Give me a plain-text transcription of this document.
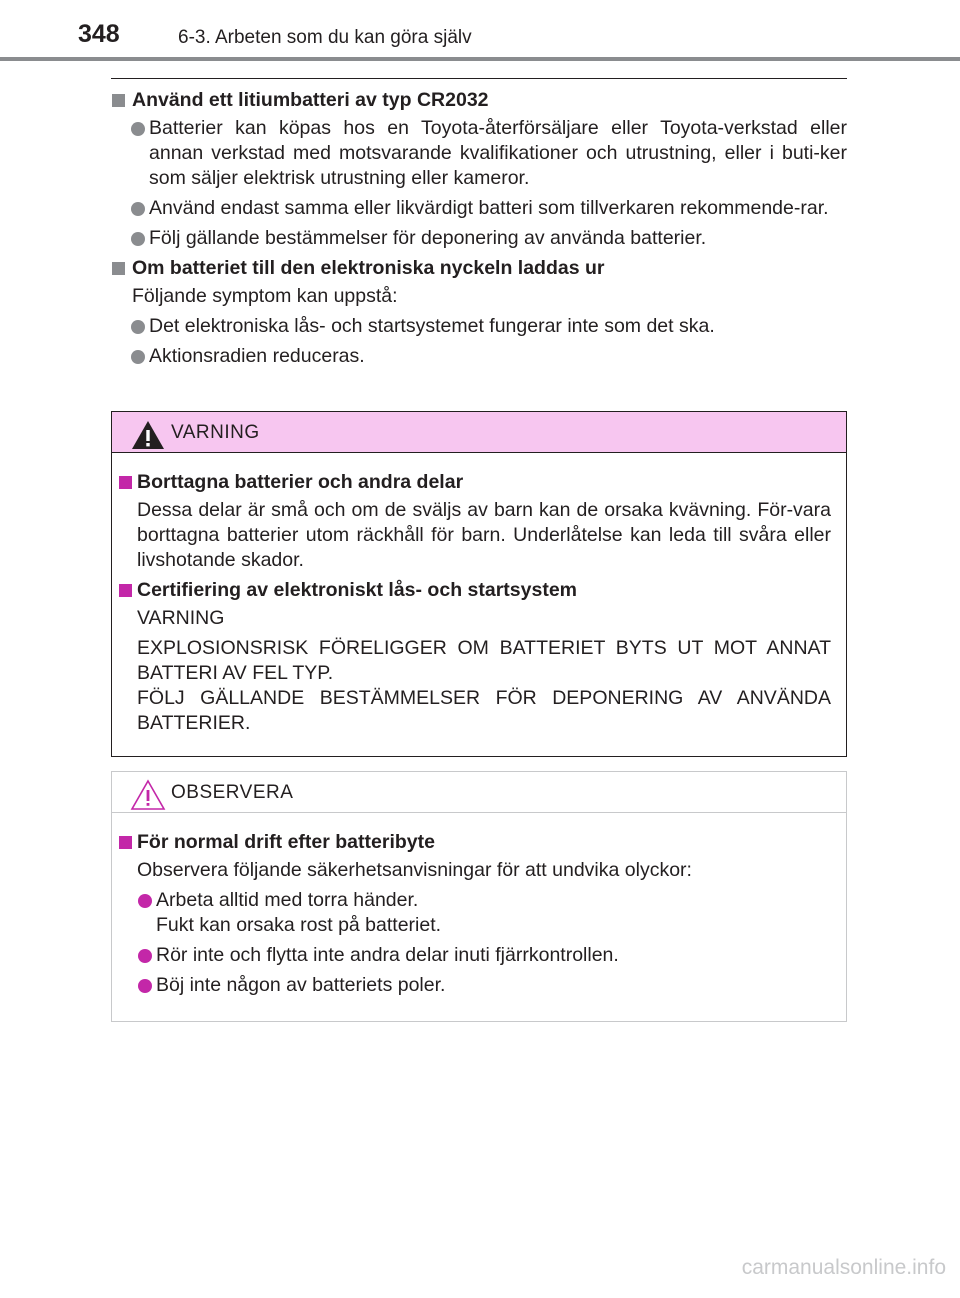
348	6-3. Arbeten som du kan göra själv
Använd ett litiumbatteri av typ CR2032
Batterier kan köpas hos en Toyota-återförsäljare eller Toyota-verkstad eller annan verkstad med motsvarande kvalifikationer och utrustning, eller i buti-ker som säljer elektrisk utrustning eller kameror.
Använd endast samma eller likvärdigt batteri som tillverkaren rekommende-rar.
Följ gällande bestämmelser för deponering av använda batterier.
Om batteriet till den elektroniska nyckeln laddas ur
Följande symptom kan uppstå:
Det elektroniska lås- och startsystemet fungerar inte som det ska.
Aktionsradien reduceras.
VARNING
Borttagna batterier och andra delar
Dessa delar är små och om de sväljs av barn kan de orsaka kvävning. För-vara borttagna batterier utom räckhåll för barn. Underlåtelse kan leda till svåra eller livshotande skador.
Certifiering av elektroniskt lås- och startsystem
VARNING
EXPLOSIONSRISK FÖRELIGGER OM BATTERIET BYTS UT MOT ANNAT BATTERI AV FEL TYP.
FÖLJ GÄLLANDE BESTÄMMELSER FÖR DEPONERING AV ANVÄNDA BATTERIER.
OBSERVERA
För normal drift efter batteribyte
Observera följande säkerhetsanvisningar för att undvika olyckor:
Arbeta alltid med torra händer.
Fukt kan orsaka rost på batteriet.
Rör inte och flytta inte andra delar inuti fjärrkontrollen.
Böj inte någon av batteriets poler.
carmanualsonline.info
